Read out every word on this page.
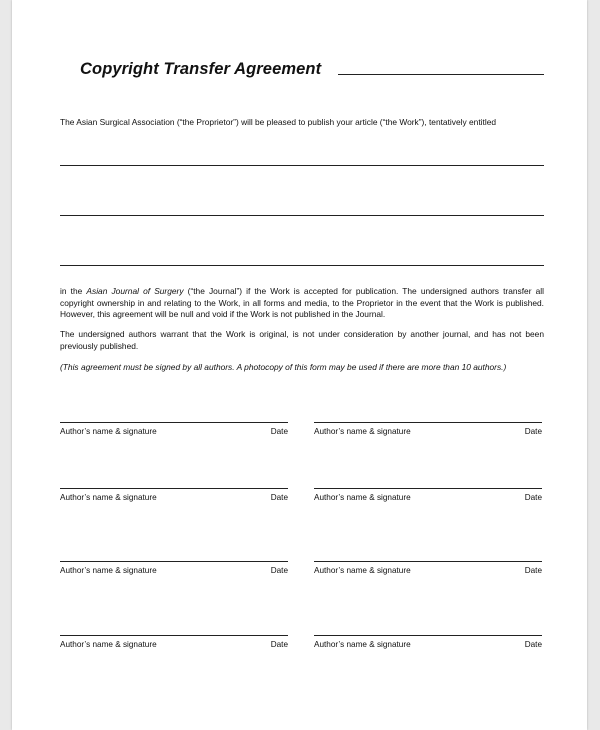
Copyright Transfer Agreement
The Asian Surgical Association (“the Proprietor”) will be pleased to publish your article (“the Work”), tentatively entitled
in the Asian Journal of Surgery (“the Journal”) if the Work is accepted for publication. The undersigned authors transfer all copyright ownership in and relating to the Work, in all forms and media, to the Proprietor in the event that the Work is published. However, this agreement will be null and void if the Work is not published in the Journal.
The undersigned authors warrant that the Work is original, is not under consideration by another journal, and has not been previously published.
(This agreement must be signed by all authors. A photocopy of this form may be used if there are more than 10 authors.)
Author’s name & signature	Date	Author’s name & signature	Date
Author’s name & signature	Date	Author’s name & signature	Date
Author’s name & signature	Date	Author’s name & signature	Date
Author’s name & signature	Date	Author’s name & signature	Date
